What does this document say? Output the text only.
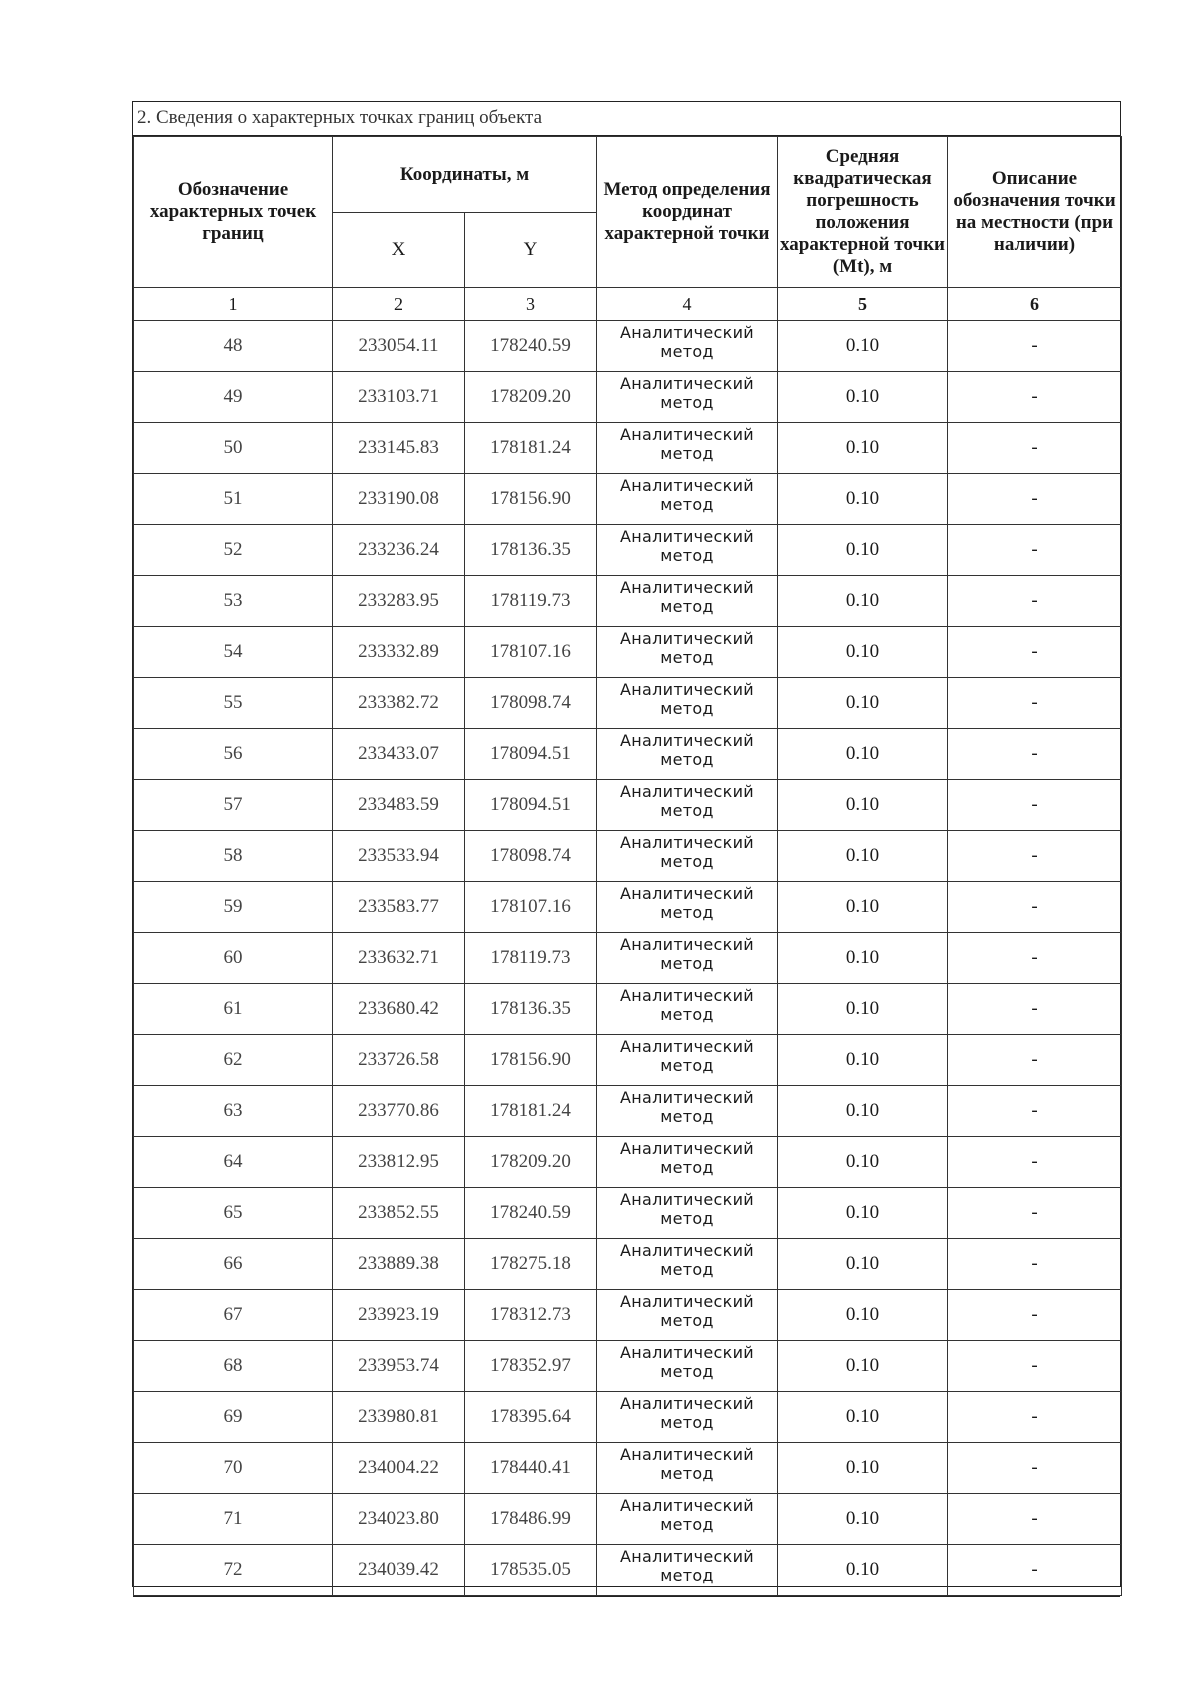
2. Сведения о характерных точках границ объекта
Обозначение характерных точек границ	Координаты, м		Метод определения координат характерной точки	Средняя квадратическая погрешность положения характерной точки (Mt), м	Описание обозначения точки на местности (при наличии)
	X	Y			
1	2	3	4	5	6
48	233054.11	178240.59	Аналитический метод	0.10	-
49	233103.71	178209.20	Аналитический метод	0.10	-
50	233145.83	178181.24	Аналитический метод	0.10	-
51	233190.08	178156.90	Аналитический метод	0.10	-
52	233236.24	178136.35	Аналитический метод	0.10	-
53	233283.95	178119.73	Аналитический метод	0.10	-
54	233332.89	178107.16	Аналитический метод	0.10	-
55	233382.72	178098.74	Аналитический метод	0.10	-
56	233433.07	178094.51	Аналитический метод	0.10	-
57	233483.59	178094.51	Аналитический метод	0.10	-
58	233533.94	178098.74	Аналитический метод	0.10	-
59	233583.77	178107.16	Аналитический метод	0.10	-
60	233632.71	178119.73	Аналитический метод	0.10	-
61	233680.42	178136.35	Аналитический метод	0.10	-
62	233726.58	178156.90	Аналитический метод	0.10	-
63	233770.86	178181.24	Аналитический метод	0.10	-
64	233812.95	178209.20	Аналитический метод	0.10	-
65	233852.55	178240.59	Аналитический метод	0.10	-
66	233889.38	178275.18	Аналитический метод	0.10	-
67	233923.19	178312.73	Аналитический метод	0.10	-
68	233953.74	178352.97	Аналитический метод	0.10	-
69	233980.81	178395.64	Аналитический метод	0.10	-
70	234004.22	178440.41	Аналитический метод	0.10	-
71	234023.80	178486.99	Аналитический метод	0.10	-
72	234039.42	178535.05	Аналитический метод	0.10	-
